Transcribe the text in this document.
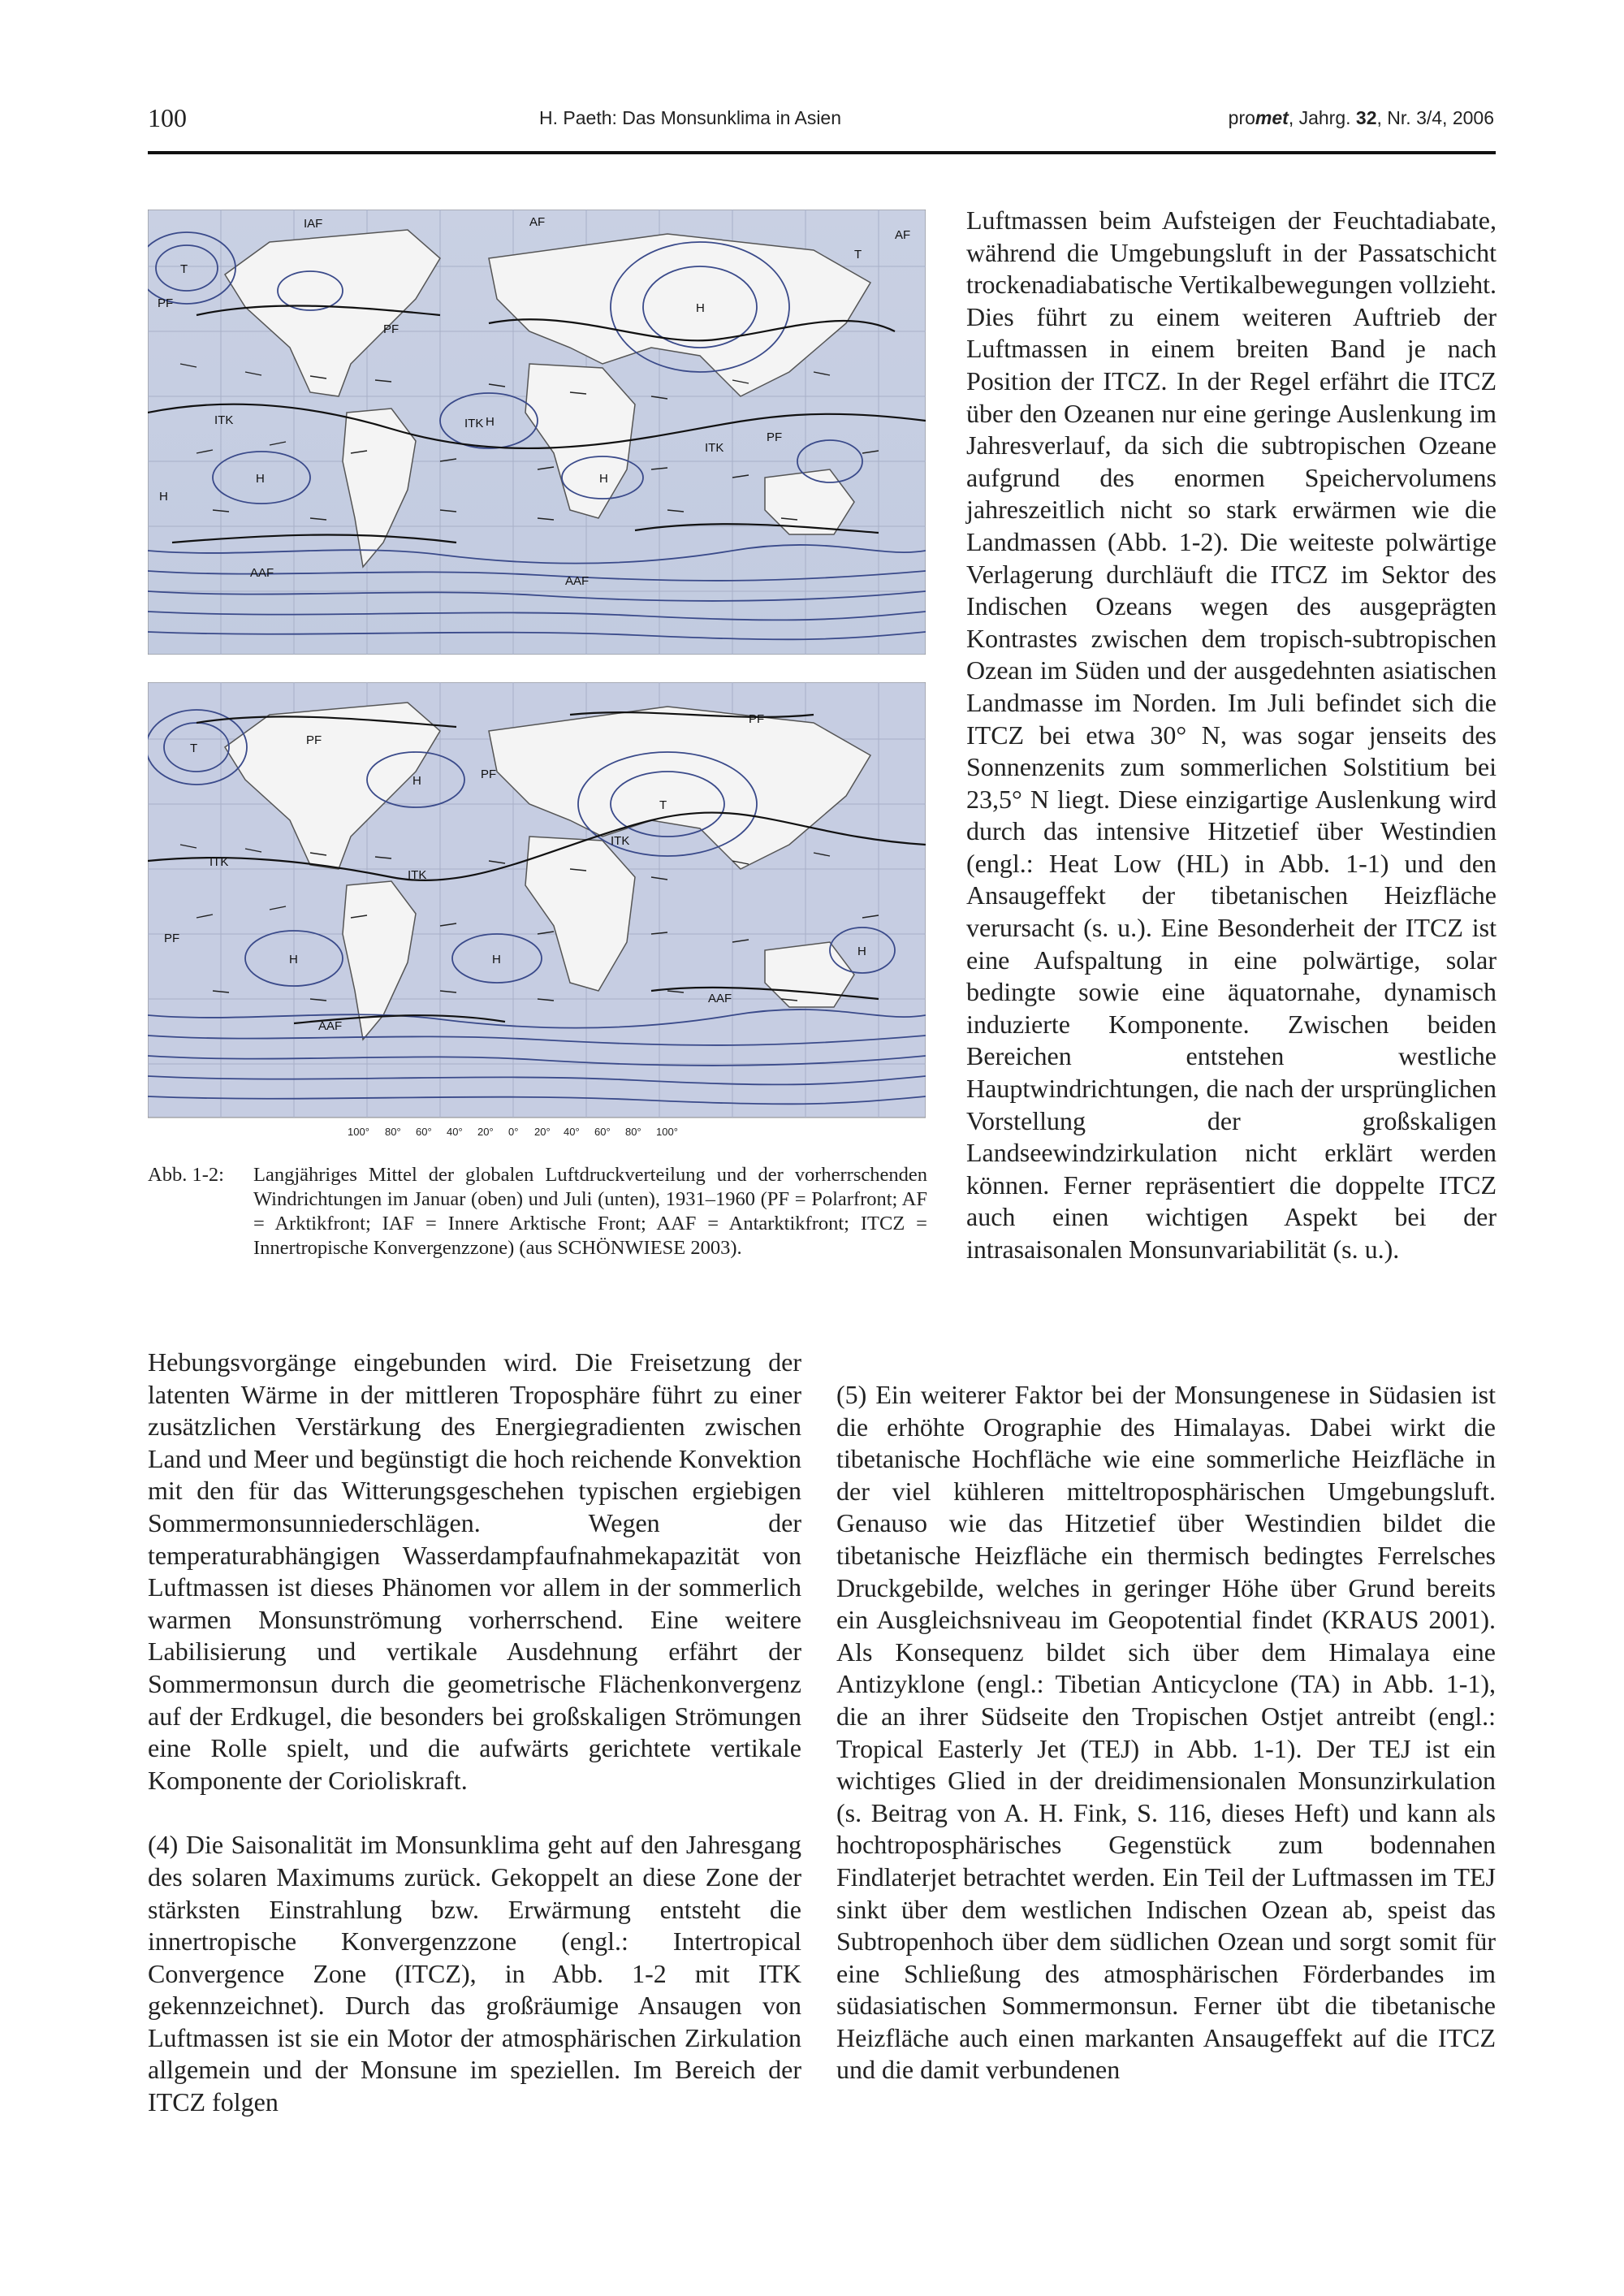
100	H. Paeth: Das Monsunklima in Asien	promet, Jahrg. 32, Nr. 3/4, 2006
IAF	AF
AF
PF
PF
PF
ITK	ITK
ITK
T
T
H
H
H	H
H
AAF
AAF
PF
PF
PF
PF
ITK
ITK
ITK
H	H
H
H
T
T
AAF
AAF
100° 80° 60° 40° 20° 0° 20° 40° 60° 80° 100°
Abb. 1-2: Langjähriges Mittel der globalen Luftdruckverteilung und der vorherrschenden Windrichtungen im Januar (oben) und Juli (unten), 1931–1960 (PF = Polarfront; AF = Arktikfront; IAF = Innere Arktische Front; AAF = Antarktikfront; ITCZ = Innertropische Konvergenzzone) (aus SCHÖNWIESE 2003).

Luftmassen beim Aufsteigen der Feuchtadiabate, während die Umgebungsluft in der Passatschicht trockenadiabatische Vertikalbewegungen vollzieht. Dies führt zu einem weiteren Auftrieb der Luftmassen in einem breiten Band je nach Position der ITCZ. In der Regel erfährt die ITCZ über den Ozeanen nur eine geringe Auslenkung im Jahresverlauf, da sich die subtropischen Ozeane aufgrund des enormen Speichervolumens jahreszeitlich nicht so stark erwärmen wie die Landmassen (Abb. 1-2). Die weiteste polwärtige Verlagerung durchläuft die ITCZ im Sektor des Indischen Ozeans wegen des ausgeprägten Kontrastes zwischen dem tropisch-subtropischen Ozean im Süden und der ausgedehnten asiatischen Landmasse im Norden. Im Juli befindet sich die ITCZ bei etwa 30° N, was sogar jenseits des Sonnenzenits zum sommerlichen Solstitium bei 23,5° N liegt. Diese einzigartige Auslenkung wird durch das intensive Hitzetief über Westindien (engl.: Heat Low (HL) in Abb. 1-1) und den Ansaugeffekt der tibetanischen Heizfläche verursacht (s. u.). Eine Besonderheit der ITCZ ist eine Aufspaltung in eine polwärtige, solar bedingte sowie eine äquatornahe, dynamisch induzierte Komponente. Zwischen beiden Bereichen entstehen westliche Hauptwindrichtungen, die nach der ursprünglichen Vorstellung der großskaligen Landseewindzirkulation nicht erklärt werden können. Ferner repräsentiert die doppelte ITCZ auch einen wichtigen Aspekt bei der intrasaisonalen Monsunvariabilität (s. u.).

Hebungsvorgänge eingebunden wird. Die Freisetzung der latenten Wärme in der mittleren Troposphäre führt zu einer zusätzlichen Verstärkung des Energiegradienten zwischen Land und Meer und begünstigt die hoch reichende Konvektion mit den für das Witterungsgeschehen typischen ergiebigen Sommermonsunniederschlägen. Wegen der temperaturabhängigen Wasserdampfaufnahmekapazität von Luftmassen ist dieses Phänomen vor allem in der sommerlich warmen Monsunströmung vorherrschend. Eine weitere Labilisierung und vertikale Ausdehnung erfährt der Sommermonsun durch die geometrische Flächenkonvergenz auf der Erdkugel, die besonders bei großskaligen Strömungen eine Rolle spielt, und die aufwärts gerichtete vertikale Komponente der Corioliskraft.

(4) Die Saisonalität im Monsunklima geht auf den Jahresgang des solaren Maximums zurück. Gekoppelt an diese Zone der stärksten Einstrahlung bzw. Erwärmung entsteht die innertropische Konvergenzzone (engl.: Intertropical Convergence Zone (ITCZ), in Abb. 1-2 mit ITK gekennzeichnet). Durch das großräumige Ansaugen von Luftmassen ist sie ein Motor der atmosphärischen Zirkulation allgemein und der Monsune im speziellen. Im Bereich der ITCZ folgen

(5) Ein weiterer Faktor bei der Monsungenese in Südasien ist die erhöhte Orographie des Himalayas. Dabei wirkt die tibetanische Hochfläche wie eine sommerliche Heizfläche in der viel kühleren mitteltroposphärischen Umgebungsluft. Genauso wie das Hitzetief über Westindien bildet die tibetanische Heizfläche ein thermisch bedingtes Ferrelsches Druckgebilde, welches in geringer Höhe über Grund bereits ein Ausgleichsniveau im Geopotential findet (KRAUS 2001). Als Konsequenz bildet sich über dem Himalaya eine Antizyklone (engl.: Tibetian Anticyclone (TA) in Abb. 1-1), die an ihrer Südseite den Tropischen Ostjet antreibt (engl.: Tropical Easterly Jet (TEJ) in Abb. 1-1). Der TEJ ist ein wichtiges Glied in der dreidimensionalen Monsunzirkulation (s. Beitrag von A. H. Fink, S. 116, dieses Heft) und kann als hochtroposphärisches Gegenstück zum bodennahen Findlaterjet betrachtet werden. Ein Teil der Luftmassen im TEJ sinkt über dem westlichen Indischen Ozean ab, speist das Subtropenhoch über dem südlichen Ozean und sorgt somit für eine Schließung des atmosphärischen Förderbandes im südasiatischen Sommermonsun. Ferner übt die tibetanische Heizfläche auch einen markanten Ansaugeffekt auf die ITCZ und die damit verbundenen
